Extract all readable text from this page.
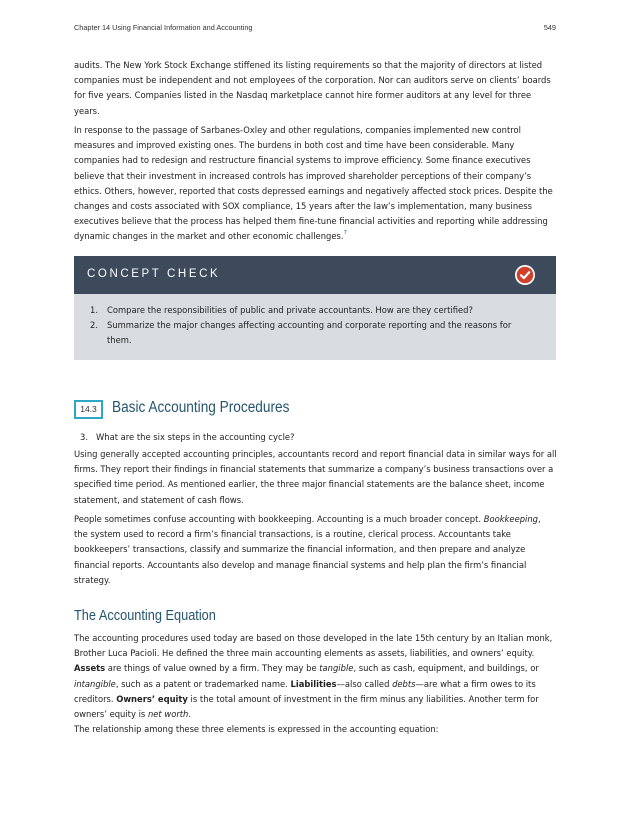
Chapter 14 Using Financial Information and Accounting	549

audits. The New York Stock Exchange stiffened its listing requirements so that the majority of directors at listed companies must be independent and not employees of the corporation. Nor can auditors serve on clients’ boards for five years. Companies listed in the Nasdaq marketplace cannot hire former auditors at any level for three years.

In response to the passage of Sarbanes-Oxley and other regulations, companies implemented new control measures and improved existing ones. The burdens in both cost and time have been considerable. Many companies had to redesign and restructure financial systems to improve efficiency. Some finance executives believe that their investment in increased controls has improved shareholder perceptions of their company’s ethics. Others, however, reported that costs depressed earnings and negatively affected stock prices. Despite the changes and costs associated with SOX compliance, 15 years after the law’s implementation, many business executives believe that the process has helped them fine-tune financial activities and reporting while addressing dynamic changes in the market and other economic challenges.$^7$

CONCEPT CHECK
1.	Compare the responsibilities of public and private accountants. How are they certified?
2.	Summarize the major changes affecting accounting and corporate reporting and the reasons for them.
14.3 Basic Accounting Procedures
3. What are the six steps in the accounting cycle?

Using generally accepted accounting principles, accountants record and report financial data in similar ways for all firms. They report their findings in financial statements that summarize a company’s business transactions over a specified time period. As mentioned earlier, the three major financial statements are the balance sheet, income statement, and statement of cash flows.

People sometimes confuse accounting with bookkeeping. Accounting is a much broader concept. Bookkeeping, the system used to record a firm’s financial transactions, is a routine, clerical process. Accountants take bookkeepers’ transactions, classify and summarize the financial information, and then prepare and analyze financial reports. Accountants also develop and manage financial systems and help plan the firm’s financial strategy.

The Accounting Equation

The accounting procedures used today are based on those developed in the late 15th century by an Italian monk, Brother Luca Pacioli. He defined the three main accounting elements as assets, liabilities, and owners’ equity. Assets are things of value owned by a firm. They may be tangible, such as cash, equipment, and buildings, or intangible, such as a patent or trademarked name. Liabilities—also called debts—are what a firm owes to its creditors. Owners’ equity is the total amount of investment in the firm minus any liabilities. Another term for owners’ equity is net worth.

The relationship among these three elements is expressed in the accounting equation:
